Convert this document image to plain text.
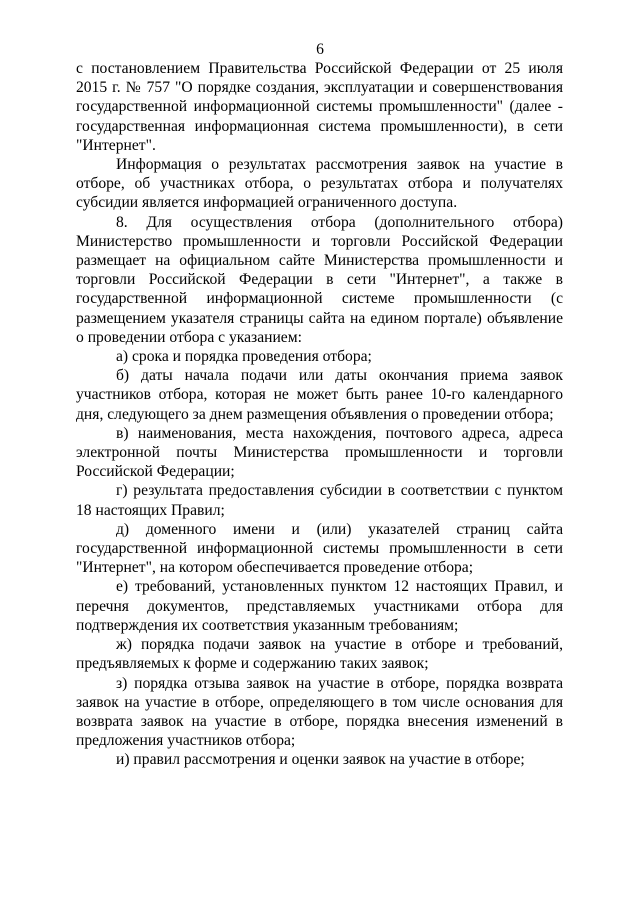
6

с постановлением Правительства Российской Федерации от 25 июля 2015 г. № 757 "О порядке создания, эксплуатации и совершенствования государственной информационной системы промышленности" (далее - государственная информационная система промышленности), в сети "Интернет".

Информация о результатах рассмотрения заявок на участие в отборе, об участниках отбора, о результатах отбора и получателях субсидии является информацией ограниченного доступа.

8. Для осуществления отбора (дополнительного отбора) Министерство промышленности и торговли Российской Федерации размещает на официальном сайте Министерства промышленности и торговли Российской Федерации в сети "Интернет", а также в государственной информационной системе промышленности (с размещением указателя страницы сайта на едином портале) объявление о проведении отбора с указанием:

а) срока и порядка проведения отбора;

б) даты начала подачи или даты окончания приема заявок участников отбора, которая не может быть ранее 10-го календарного дня, следующего за днем размещения объявления о проведении отбора;

в) наименования, места нахождения, почтового адреса, адреса электронной почты Министерства промышленности и торговли Российской Федерации;

г) результата предоставления субсидии в соответствии с пунктом 18 настоящих Правил;

д) доменного имени и (или) указателей страниц сайта государственной информационной системы промышленности в сети "Интернет", на котором обеспечивается проведение отбора;

е) требований, установленных пунктом 12 настоящих Правил, и перечня документов, представляемых участниками отбора для подтверждения их соответствия указанным требованиям;

ж) порядка подачи заявок на участие в отборе и требований, предъявляемых к форме и содержанию таких заявок;

з) порядка отзыва заявок на участие в отборе, порядка возврата заявок на участие в отборе, определяющего в том числе основания для возврата заявок на участие в отборе, порядка внесения изменений в предложения участников отбора;

и) правил рассмотрения и оценки заявок на участие в отборе;
